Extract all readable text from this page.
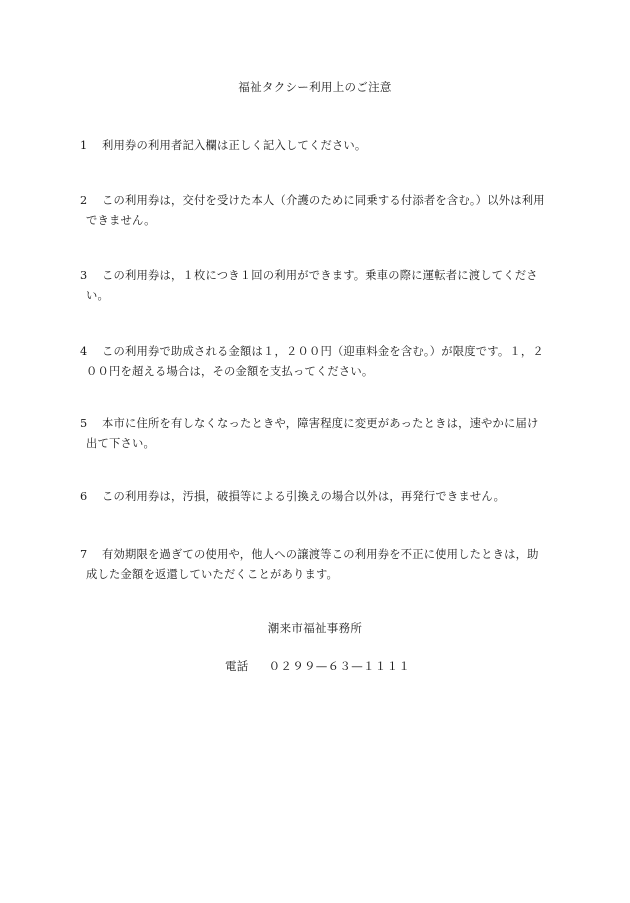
福祉タクシー利用上のご注意
1	利用券の利用者記入欄は正しく記入してください。
2	この利用券は，交付を受けた本人（介護のために同乗する付添者を含む。）以外は利用
できません。
3	この利用券は，１枚につき１回の利用ができます。乗車の際に運転者に渡してくださ
い。
4	この利用券で助成される金額は１，２００円（迎車料金を含む。）が限度です。１，２
００円を超える場合は，その金額を支払ってください。
5	本市に住所を有しなくなったときや，障害程度に変更があったときは，速やかに届け
出て下さい。
6	この利用券は，汚損，破損等による引換えの場合以外は，再発行できません。
7	有効期限を過ぎての使用や，他人への譲渡等この利用券を不正に使用したときは，助
成した金額を返還していただくことがあります。
潮来市福祉事務所
電話 ０２９９—６３—１１１１
